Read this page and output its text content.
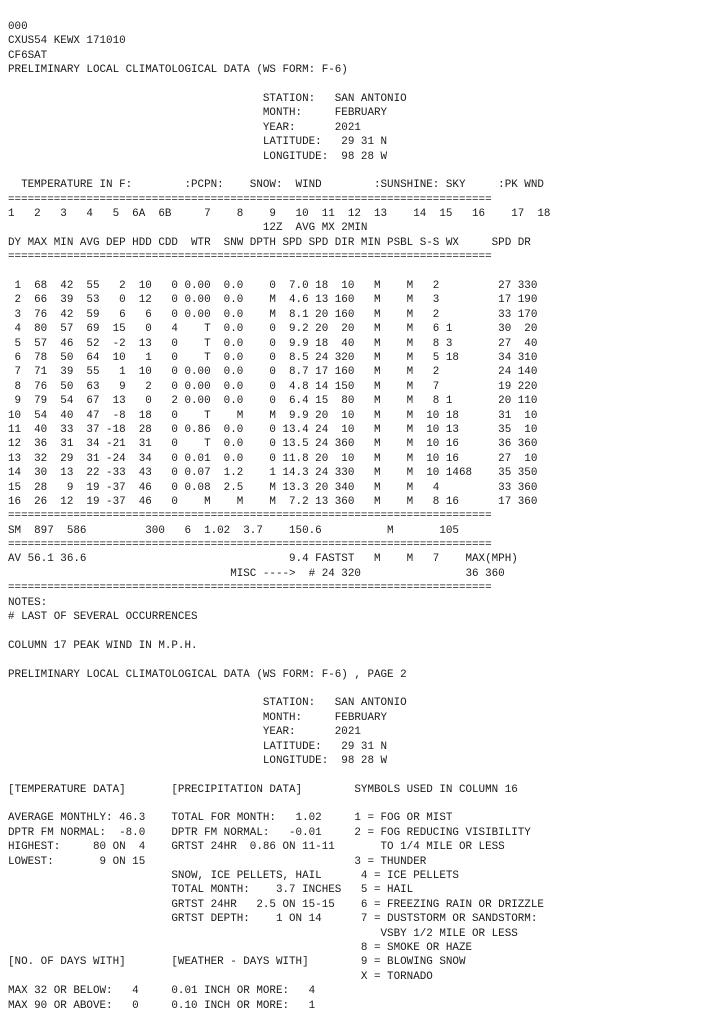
000
CXUS54 KEWX 171010
CF6SAT
PRELIMINARY LOCAL CLIMATOLOGICAL DATA (WS FORM: F-6)
STATION:   SAN ANTONIO
MONTH:     FEBRUARY
YEAR:      2021
LATITUDE:   29 31 N
LONGITUDE:  98 28 W
TEMPERATURE IN F:        :PCPN:    SNOW:  WIND        :SUNSHINE: SKY     :PK WND
==========================================================================
1   2   3   4   5  6A  6B     7    8    9   10  11  12  13    14  15   16    17  18
12Z  AVG MX 2MIN
DY MAX MIN AVG DEP HDD CDD  WTR  SNW DPTH SPD SPD DIR MIN PSBL S-S WX     SPD DR
==========================================================================
1  68  42  55   2  10   0 0.00  0.0    0  7.0 18  10   M    M   2         27 330
2  66  39  53   0  12   0 0.00  0.0    M  4.6 13 160   M    M   3         17 190
3  76  42  59   6   6   0 0.00  0.0    M  8.1 20 160   M    M   2         33 170
4  80  57  69  15   0   4    T  0.0    0  9.2 20  20   M    M   6 1       30  20
5  57  46  52  -2  13   0    T  0.0    0  9.9 18  40   M    M   8 3       27  40
6  78  50  64  10   1   0    T  0.0    0  8.5 24 320   M    M   5 18      34 310
7  71  39  55   1  10   0 0.00  0.0    0  8.7 17 160   M    M   2         24 140
8  76  50  63   9   2   0 0.00  0.0    0  4.8 14 150   M    M   7         19 220
9  79  54  67  13   0   2 0.00  0.0    0  6.4 15  80   M    M   8 1       20 110
10  54  40  47  -8  18   0    T    M    M  9.9 20  10   M    M  10 18      31  10
11  40  33  37 -18  28   0 0.86  0.0    0 13.4 24  10   M    M  10 13      35  10
12  36  31  34 -21  31   0    T  0.0    0 13.5 24 360   M    M  10 16      36 360
13  32  29  31 -24  34   0 0.01  0.0    0 11.8 20  10   M    M  10 16      27  10
14  30  13  22 -33  43   0 0.07  1.2    1 14.3 24 330   M    M  10 1468    35 350
15  28   9  19 -37  46   0 0.08  2.5    M 13.3 20 340   M    M   4         33 360
16  26  12  19 -37  46   0    M    M    M  7.2 13 360   M    M   8 16      17 360
==========================================================================
SM  897  586         300   6  1.02  3.7    150.6          M       105
==========================================================================
AV 56.1 36.6                               9.4 FASTST   M    M   7    MAX(MPH)
MISC ---->  # 24 320                36 360
==========================================================================
NOTES:
# LAST OF SEVERAL OCCURRENCES
COLUMN 17 PEAK WIND IN M.P.H.
PRELIMINARY LOCAL CLIMATOLOGICAL DATA (WS FORM: F-6) , PAGE 2
STATION:   SAN ANTONIO
MONTH:     FEBRUARY
YEAR:      2021
LATITUDE:   29 31 N
LONGITUDE:  98 28 W
[TEMPERATURE DATA]       [PRECIPITATION DATA]        SYMBOLS USED IN COLUMN 16
AVERAGE MONTHLY: 46.3    TOTAL FOR MONTH:   1.02     1 = FOG OR MIST
DPTR FM NORMAL:  -8.0    DPTR FM NORMAL:   -0.01     2 = FOG REDUCING VISIBILITY
HIGHEST:     80 ON  4    GRTST 24HR  0.86 ON 11-11       TO 1/4 MILE OR LESS
LOWEST:       9 ON 15                                3 = THUNDER
SNOW, ICE PELLETS, HAIL      4 = ICE PELLETS
TOTAL MONTH:    3.7 INCHES   5 = HAIL
GRTST 24HR   2.5 ON 15-15    6 = FREEZING RAIN OR DRIZZLE
GRTST DEPTH:    1 ON 14      7 = DUSTSTORM OR SANDSTORM:
VSBY 1/2 MILE OR LESS
8 = SMOKE OR HAZE
[NO. OF DAYS WITH]       [WEATHER - DAYS WITH]        9 = BLOWING SNOW
X = TORNADO
MAX 32 OR BELOW:   4     0.01 INCH OR MORE:   4
MAX 90 OR ABOVE:   0     0.10 INCH OR MORE:   1
